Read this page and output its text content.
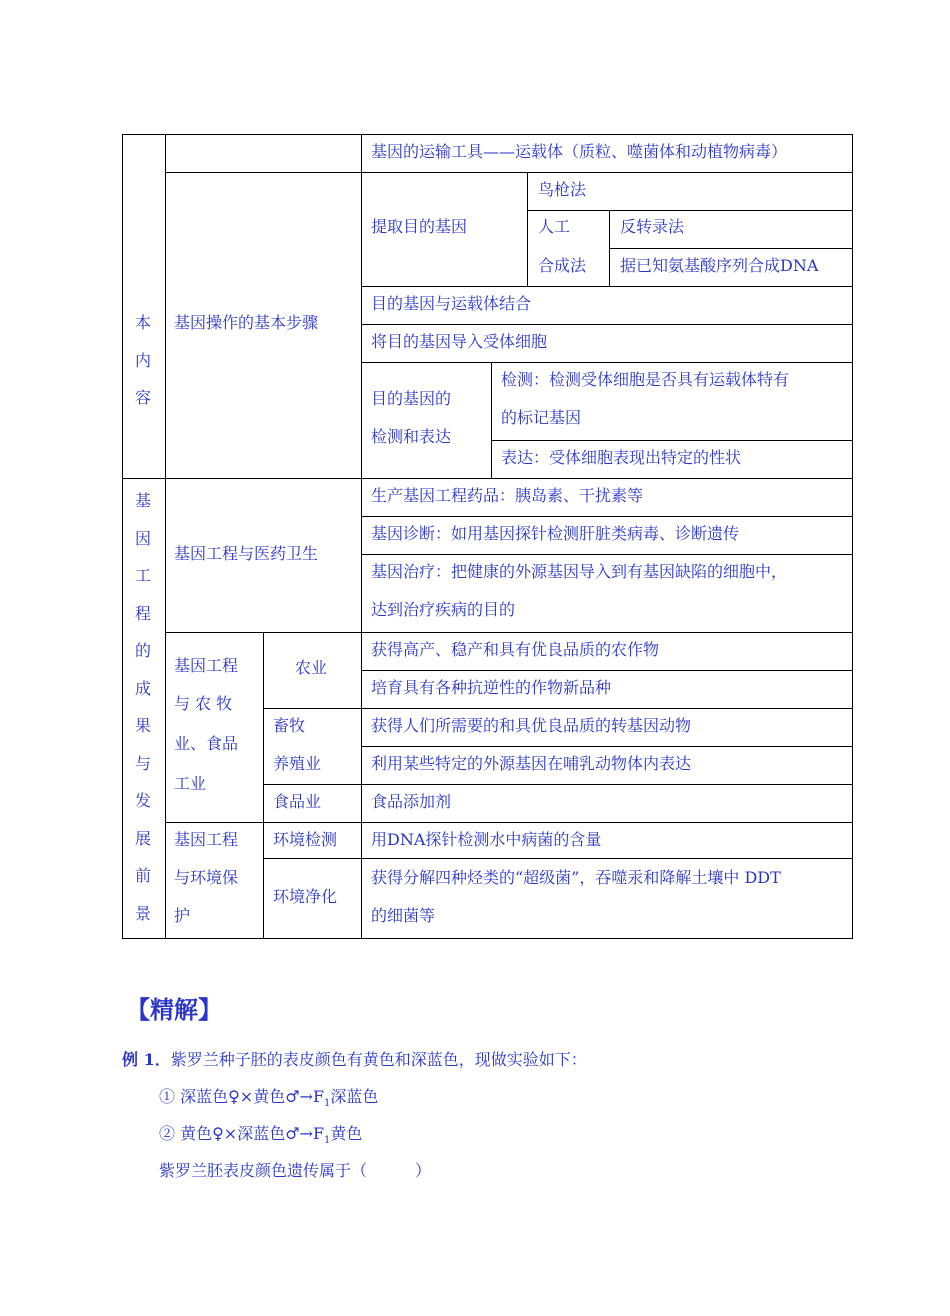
本内容
基因工程的成果与发展前景
基因的运输工具——运载体（质粒、噬菌体和动植物病毒）
基因操作的基本步骤
提取目的基因
鸟枪法
人工
合成法
反转录法
据已知氨基酸序列合成DNA
目的基因与运载体结合
将目的基因导入受体细胞
目的基因的
检测和表达
检测：检测受体细胞是否具有运载体特有
的标记基因
表达：受体细胞表现出特定的性状
基因工程与医药卫生
生产基因工程药品：胰岛素、干扰素等
基因诊断：如用基因探针检测肝脏类病毒、诊断遗传
基因治疗：把健康的外源基因导入到有基因缺陷的细胞中，
达到治疗疾病的目的
基因工程
与 农 牧
业、食品
工业
农业
获得高产、稳产和具有优良品质的农作物
培育具有各种抗逆性的作物新品种
畜牧
养殖业
获得人们所需要的和具优良品质的转基因动物
利用某些特定的外源基因在哺乳动物体内表达
食品业	食品添加剂
基因工程
与环境保
护
环境检测 用DNA探针检测水中病菌的含量
环境净化
获得分解四种烃类的“超级菌”，吞噬汞和降解土壤中 DDT
的细菌等
【精解】
例 1．紫罗兰种子胚的表皮颜色有黄色和深蓝色，现做实验如下：
① 深蓝色♀×黄色$♂\to F_1$深蓝色
② 黄色♀×深蓝色$♂\to F_1$黄色
紫罗兰胚表皮颜色遗传属于（　　　）
